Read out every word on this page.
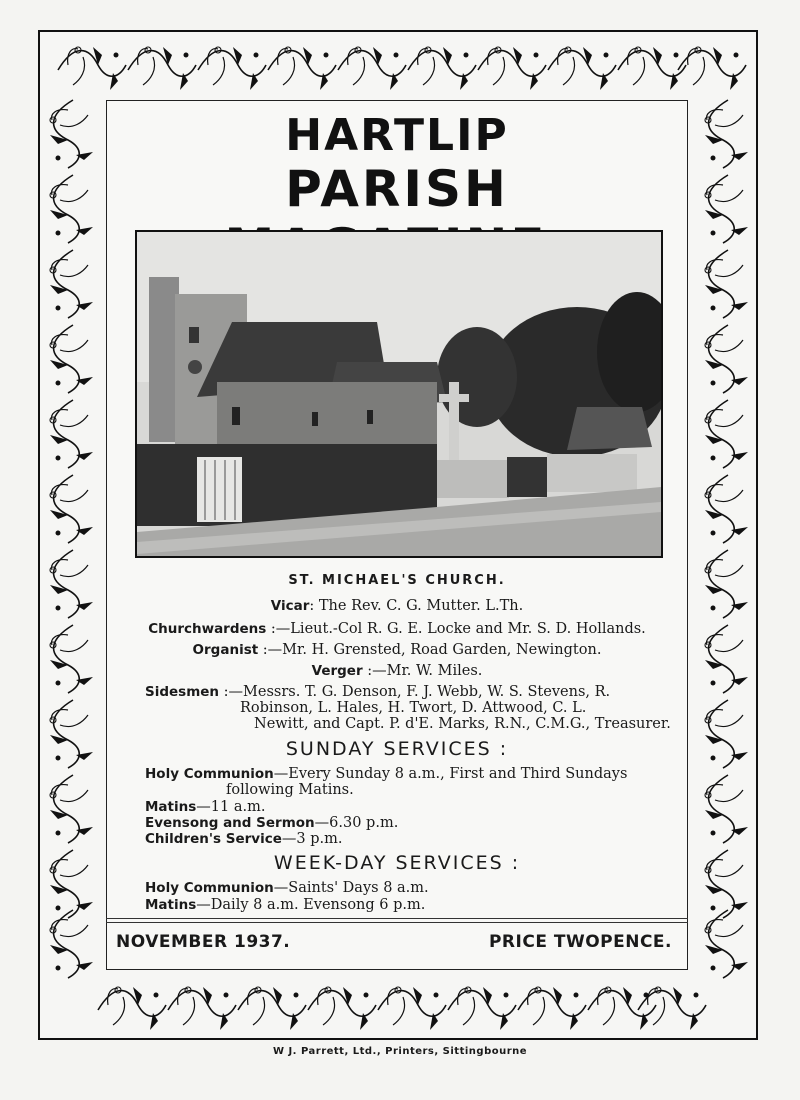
HARTLIP
PARISH
ST. MICHAEL'S CHURCH.
Vicar: The Rev. C. G. Mutter. L.Th.
Churchwardens :—Lieut.-Col R. G. E. Locke and Mr. S. D. Hollands.
Organist :—Mr. H. Grensted, Road Garden, Newington.
Verger :—Mr. W. Miles.
Sidesmen :—Messrs. T. G. Denson, F. J. Webb, W. S. Stevens, R.
Robinson, L. Hales, H. Twort, D. Attwood, C. L.
Newitt, and Capt. P. d'E. Marks, R.N., C.M.G., Treasurer.
SUNDAY SERVICES :
Holy Communion—Every Sunday 8 a.m., First and Third Sundays
following Matins.
Matins—11 a.m.
Evensong and Sermon—6.30 p.m.
Children's Service—3 p.m.
WEEK-DAY SERVICES :
Holy Communion—Saints' Days 8 a.m.
Matins—Daily 8 a.m. Evensong 6 p.m.
NOVEMBER 1937.	PRICE TWOPENCE.
W J. Parrett, Ltd., Printers, Sittingbourne
